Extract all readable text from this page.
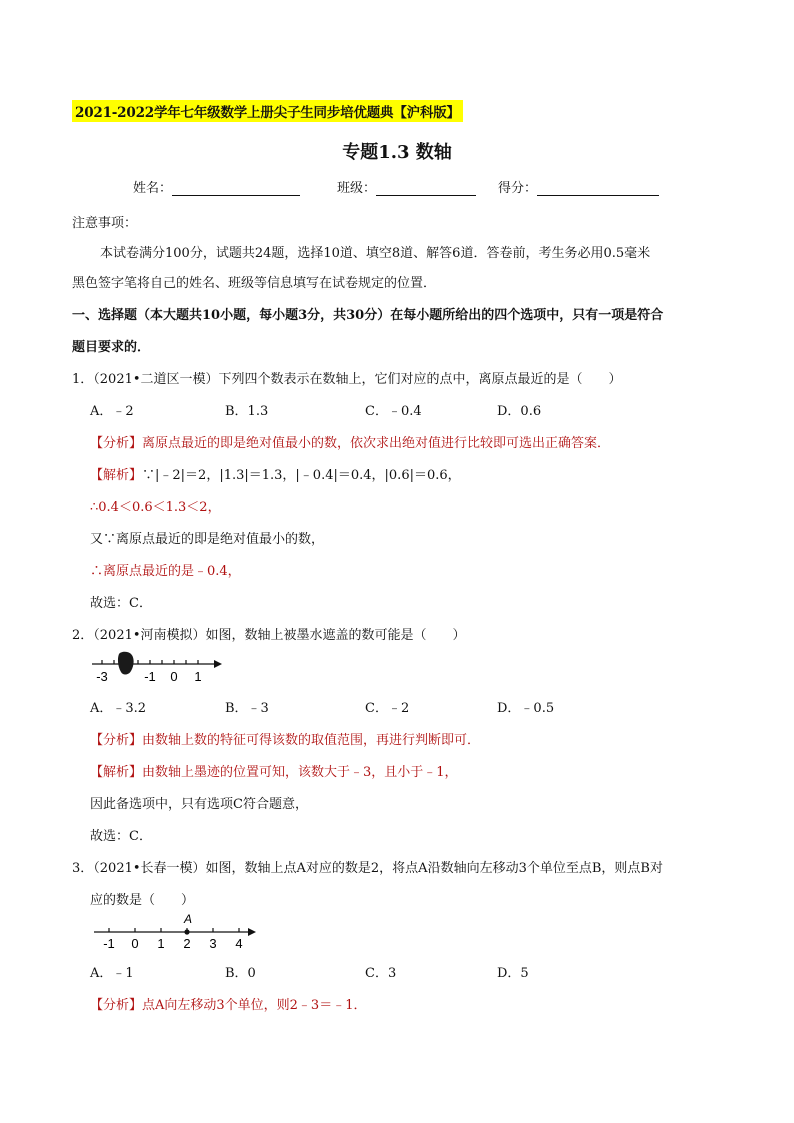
2021-2022学年七年级数学上册尖子生同步培优题典【沪科版】
专题1.3 数轴
姓名：	班级：	得分：
注意事项：
本试卷满分100分，试题共24题，选择10道、填空8道、解答6道．答卷前，考生务必用0.5毫米
黑色签字笔将自己的姓名、班级等信息填写在试卷规定的位置．
一、选择题（本大题共10小题，每小题3分，共30分）在每小题所给出的四个选项中，只有一项是符合
题目要求的．
1．（2021•二道区一模）下列四个数表示在数轴上，它们对应的点中，离原点最近的是（　　）
A．﹣2	B．1.3	C．﹣0.4	D．0.6
【分析】离原点最近的即是绝对值最小的数，依次求出绝对值进行比较即可选出正确答案．
【解析】∵|﹣2|＝2，|1.3|＝1.3，|﹣0.4|＝0.4，|0.6|＝0.6，
∴0.4＜0.6＜1.3＜2，
又∵离原点最近的即是绝对值最小的数，
∴离原点最近的是﹣0.4，
故选：C．
2．（2021•河南模拟）如图，数轴上被墨水遮盖的数可能是（　　）
-3	-1 0 1
A．﹣3.2	B．﹣3	C．﹣2	D．﹣0.5
【分析】由数轴上数的特征可得该数的取值范围，再进行判断即可．
【解析】由数轴上墨迹的位置可知，该数大于﹣3，且小于﹣1，
因此备选项中，只有选项C符合题意，
故选：C．
3．（2021•长春一模）如图，数轴上点A对应的数是2，将点A沿数轴向左移动3个单位至点B，则点B对
应的数是（　　）
A
-1 0 1 2 3 4
A．﹣1	B．0	C．3	D．5
【分析】点A向左移动3个单位，则2﹣3＝﹣1．
